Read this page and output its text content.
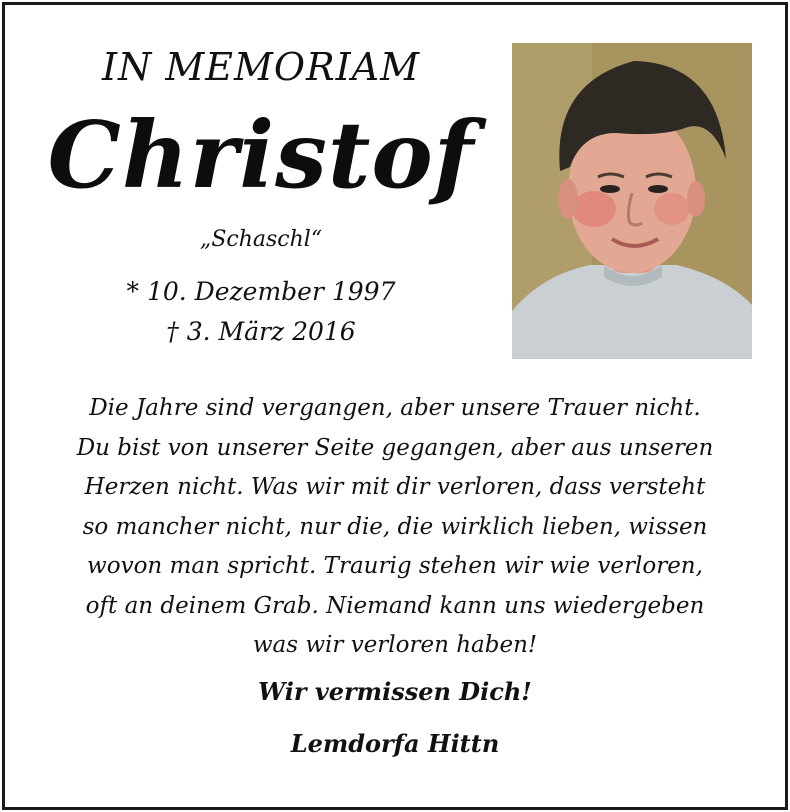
IN MEMORIAM
Christof
„Schaschl“
* 10. Dezember 1997
† 3. März 2016

Die Jahre sind vergangen, aber unsere Trauer nicht.
Du bist von unserer Seite gegangen, aber aus unseren
Herzen nicht. Was wir mit dir verloren, dass versteht
so mancher nicht, nur die, die wirklich lieben, wissen
wovon man spricht. Traurig stehen wir wie verloren,
oft an deinem Grab. Niemand kann uns wiedergeben
was wir verloren haben!

Wir vermissen Dich!
Lemdorfa Hittn
